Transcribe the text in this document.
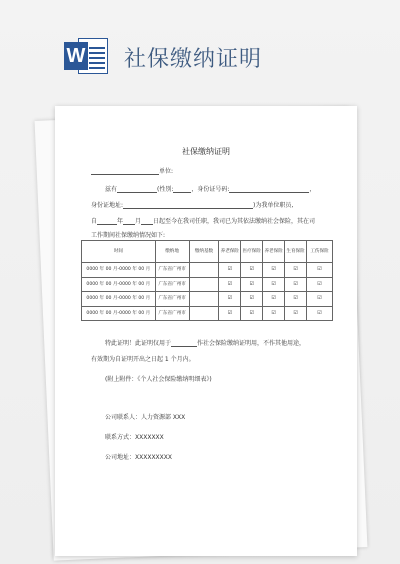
W 社保缴纳证明
社保缴纳证明
单位:
兹有	(性别:	，身份证号码:	，
身份证地址:	)为我单位职员,
自	年 月 日起至今在我司任职，我司已为其依法缴纳社会保险，其在司
工作期间社保缴纳情况如下:
时间	缴纳地	缴纳基数	养老保险	医疗保险	养老保险	生育保险	工伤保险
0000 年 00 月-0000 年 00 月	广东省广州市		☑	☑	☑	☑	☑
0000 年 00 月-0000 年 00 月	广东省广州市		☑	☑	☑	☑	☑
0000 年 00 月-0000 年 00 月	广东省广州市		☑	☑	☑	☑	☑
0000 年 00 月-0000 年 00 月	广东省广州市		☑	☑	☑	☑	☑
特此证明！此证明仅用于	作社会保险缴纳证明用，不作其他用途，
有效期为自证明开出之日起 1 个月内。
(附上附件：《个人社会保险缴纳明细表》)
公司联系人：人力资源部 XXX
联系方式：XXXXXXX
公司地址：XXXXXXXXX
